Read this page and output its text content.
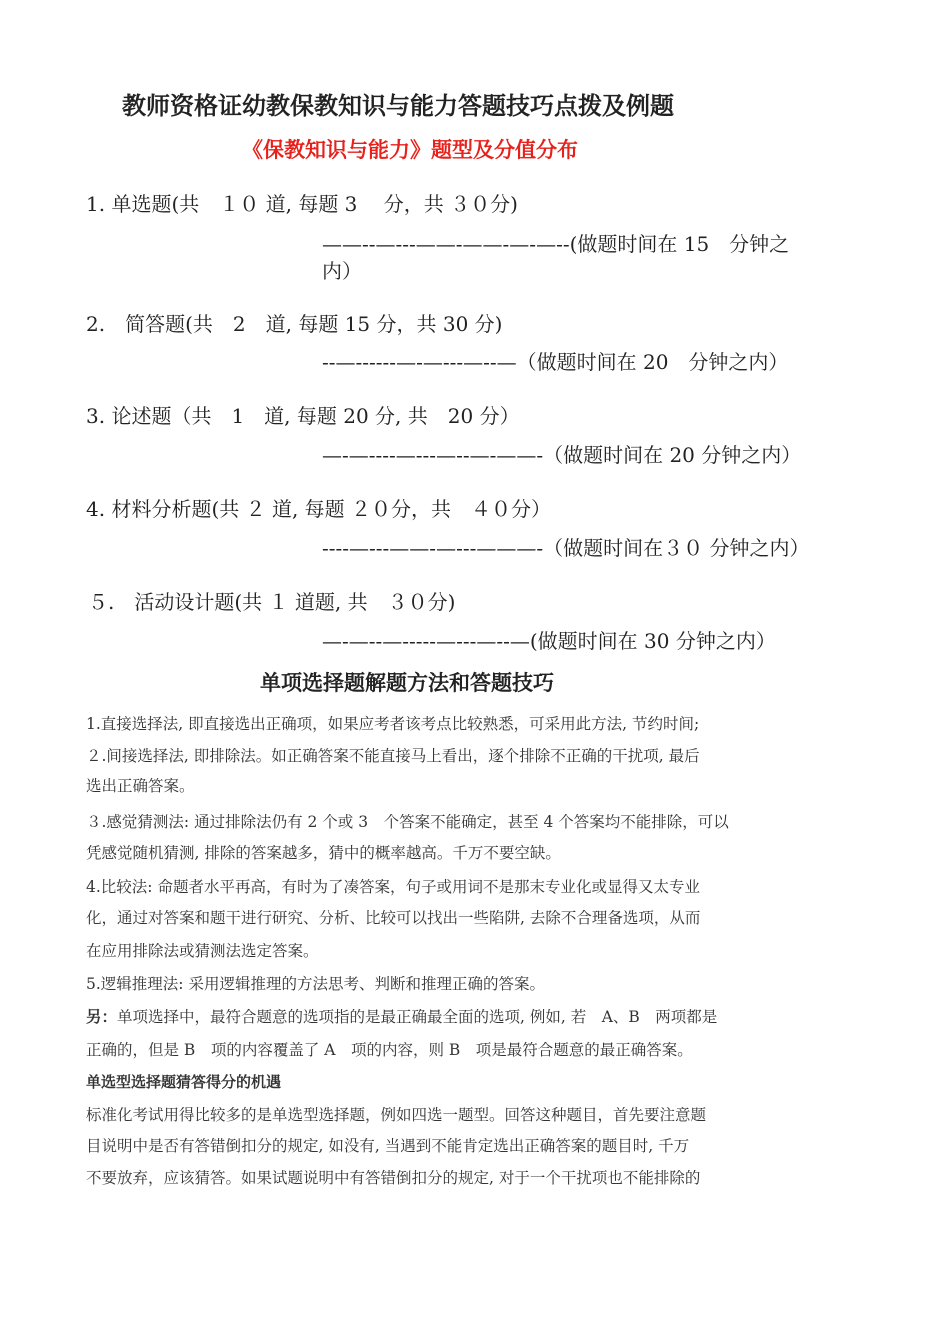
教师资格证幼教保教知识与能力答题技巧点拨及例题
《保教知识与能力》题型及分值分布
1. 单选题(共　１０ 道, 每题 3　 分，共 ３０分)
——--—---——-——-—-—--(做题时间在 15　分钟之
内）
2.　简答题(共　2　道, 每题 15 分，共 30 分)
--—------—-—---—--—（做题时间在 20　分钟之内）
3. 论述题（共　1　道, 每题 20 分, 共　20 分）
—-—----—---—--—-——-（做题时间在 20 分钟之内）
4. 材料分析题(共 ２ 道, 每题 ２０分，共　４０分）
----—---——-—---———-（做题时间在３０ 分钟之内）
５.　活动设计题(共 １ 道题, 共　３０分)
—-—--—-----—---—--—(做题时间在 30 分钟之内）
单项选择题解题方法和答题技巧
1.直接选择法, 即直接选出正确项，如果应考者该考点比较熟悉，可采用此方法, 节约时间;
２.间接选择法, 即排除法。如正确答案不能直接马上看出，逐个排除不正确的干扰项, 最后
选出正确答案。
３.感觉猜测法: 通过排除法仍有 2 个或 3　个答案不能确定，甚至 4 个答案均不能排除，可以
凭感觉随机猜测, 排除的答案越多，猜中的概率越高。千万不要空缺。
4.比较法: 命题者水平再高，有时为了凑答案，句子或用词不是那末专业化或显得又太专业
化，通过对答案和题干进行研究、分析、比较可以找出一些陷阱, 去除不合理备选项，从而
在应用排除法或猜测法选定答案。
5.逻辑推理法: 采用逻辑推理的方法思考、判断和推理正确的答案。
另：单项选择中，最符合题意的选项指的是最正确最全面的选项, 例如, 若　A、B　两项都是
正确的，但是 B　项的内容覆盖了 A　项的内容，则 B　项是最符合题意的最正确答案。
单选型选择题猜答得分的机遇
标准化考试用得比较多的是单选型选择题，例如四选一题型。回答这种题目，首先要注意题
目说明中是否有答错倒扣分的规定, 如没有, 当遇到不能肯定选出正确答案的题目时, 千万
不要放弃，应该猜答。如果试题说明中有答错倒扣分的规定, 对于一个干扰项也不能排除的
